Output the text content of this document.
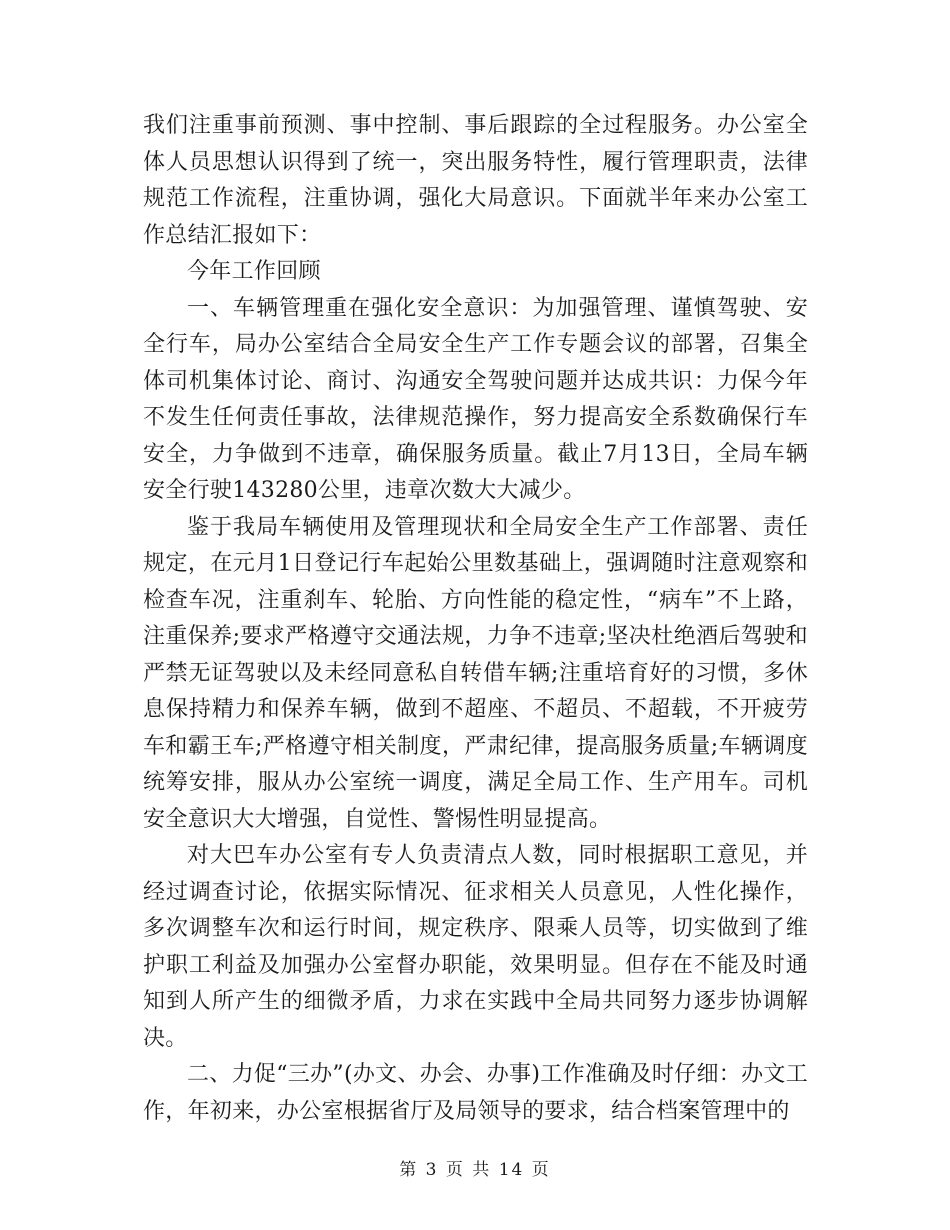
我们注重事前预测、事中控制、事后跟踪的全过程服务。办公室全体人员思想认识得到了统一，突出服务特性，履行管理职责，法律规范工作流程，注重协调，强化大局意识。下面就半年来办公室工作总结汇报如下：

今年工作回顾

一、车辆管理重在强化安全意识：为加强管理、谨慎驾驶、安全行车，局办公室结合全局安全生产工作专题会议的部署，召集全体司机集体讨论、商讨、沟通安全驾驶问题并达成共识：力保今年不发生任何责任事故，法律规范操作，努力提高安全系数确保行车安全，力争做到不违章，确保服务质量。截止7月13日，全局车辆安全行驶143280公里，违章次数大大减少。

鉴于我局车辆使用及管理现状和全局安全生产工作部署、责任规定，在元月1日登记行车起始公里数基础上，强调随时注意观察和检查车况，注重刹车、轮胎、方向性能的稳定性，“病车”不上路，注重保养;要求严格遵守交通法规，力争不违章;坚决杜绝酒后驾驶和严禁无证驾驶以及未经同意私自转借车辆;注重培育好的习惯，多休息保持精力和保养车辆，做到不超座、不超员、不超载，不开疲劳车和霸王车;严格遵守相关制度，严肃纪律，提高服务质量;车辆调度统筹安排，服从办公室统一调度，满足全局工作、生产用车。司机安全意识大大增强，自觉性、警惕性明显提高。

对大巴车办公室有专人负责清点人数，同时根据职工意见，并经过调查讨论，依据实际情况、征求相关人员意见，人性化操作，多次调整车次和运行时间，规定秩序、限乘人员等，切实做到了维护职工利益及加强办公室督办职能，效果明显。但存在不能及时通知到人所产生的细微矛盾，力求在实践中全局共同努力逐步协调解决。

二、力促“三办”(办文、办会、办事)工作准确及时仔细：办文工作，年初来，办公室根据省厅及局领导的要求，结合档案管理中的

第 3 页 共 14 页
